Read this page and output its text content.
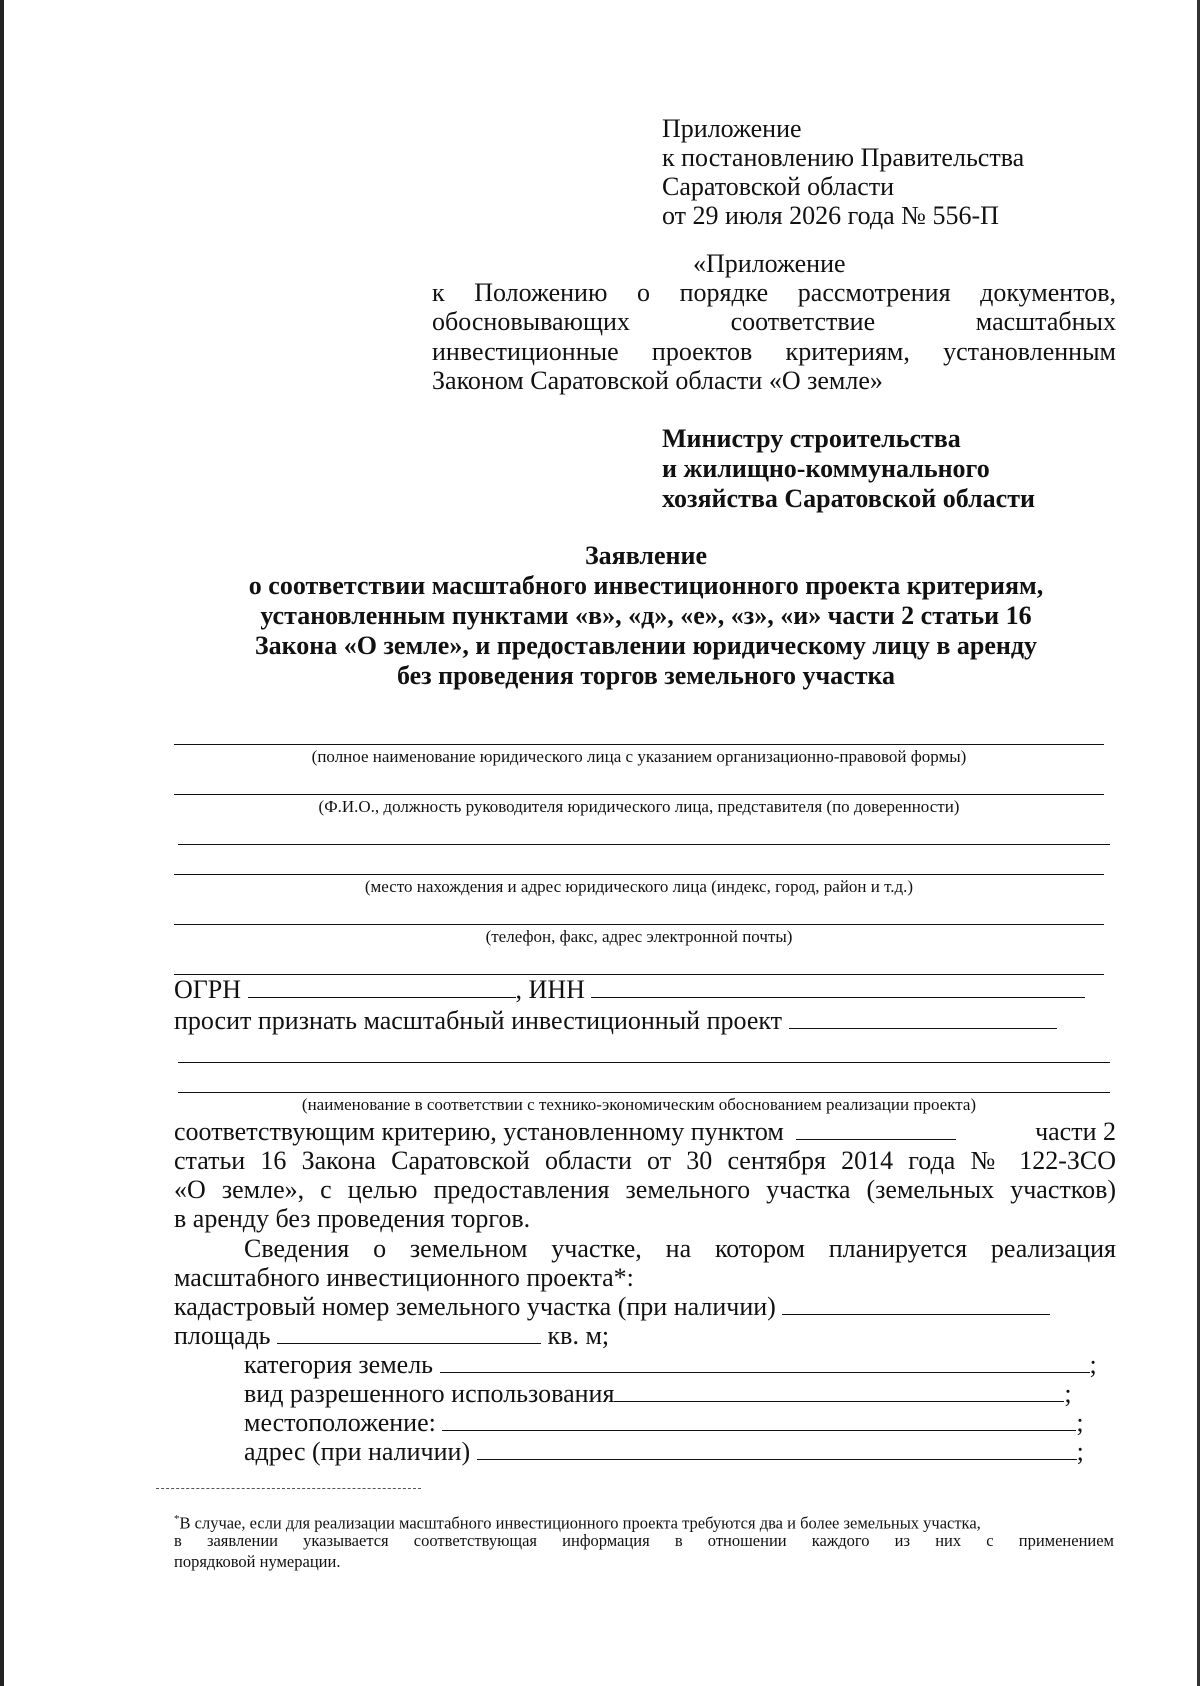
Приложение
к постановлению Правительства
Саратовской области
от 29 июля 2026 года № 556-П
«Приложение
к Положению о порядке рассмотрения документов,
обосновывающих соответствие масштабных
инвестиционные проектов критериям, установленным
Законом Саратовской области «О земле»
Министру строительства
и жилищно-коммунального
хозяйства Саратовской области
Заявление
о соответствии масштабного инвестиционного проекта критериям,
установленным пунктами «в», «д», «е», «з», «и» части 2 статьи 16
Закона «О земле», и предоставлении юридическому лицу в аренду
без проведения торгов земельного участка
(полное наименование юридического лица с указанием организационно-правовой формы)
(Ф.И.О., должность руководителя юридического лица, представителя (по доверенности)
(место нахождения и адрес юридического лица (индекс, город, район и т.д.)
(телефон, факс, адрес электронной почты)
ОГРН	, ИНН
просит признать масштабный инвестиционный проект
(наименование в соответствии с технико-экономическим обоснованием реализации проекта)
соответствующим критерию, установленному пунктом	части 2
статьи 16 Закона Саратовской области от 30 сентября 2014 года № 122-ЗСО
«О земле», с целью предоставления земельного участка (земельных участков)
в аренду без проведения торгов.
Сведения о земельном участке, на котором планируется реализация
масштабного инвестиционного проекта*:
кадастровый номер земельного участка (при наличии)
площадь	кв. м;
категория земель	;
вид разрешенного использования	;
местоположение:	;
адрес (при наличии)	;
*В случае, если для реализации масштабного инвестиционного проекта требуются два и более земельных участка,
в заявлении указывается соответствующая информация в отношении каждого из них с применением
порядковой нумерации.
